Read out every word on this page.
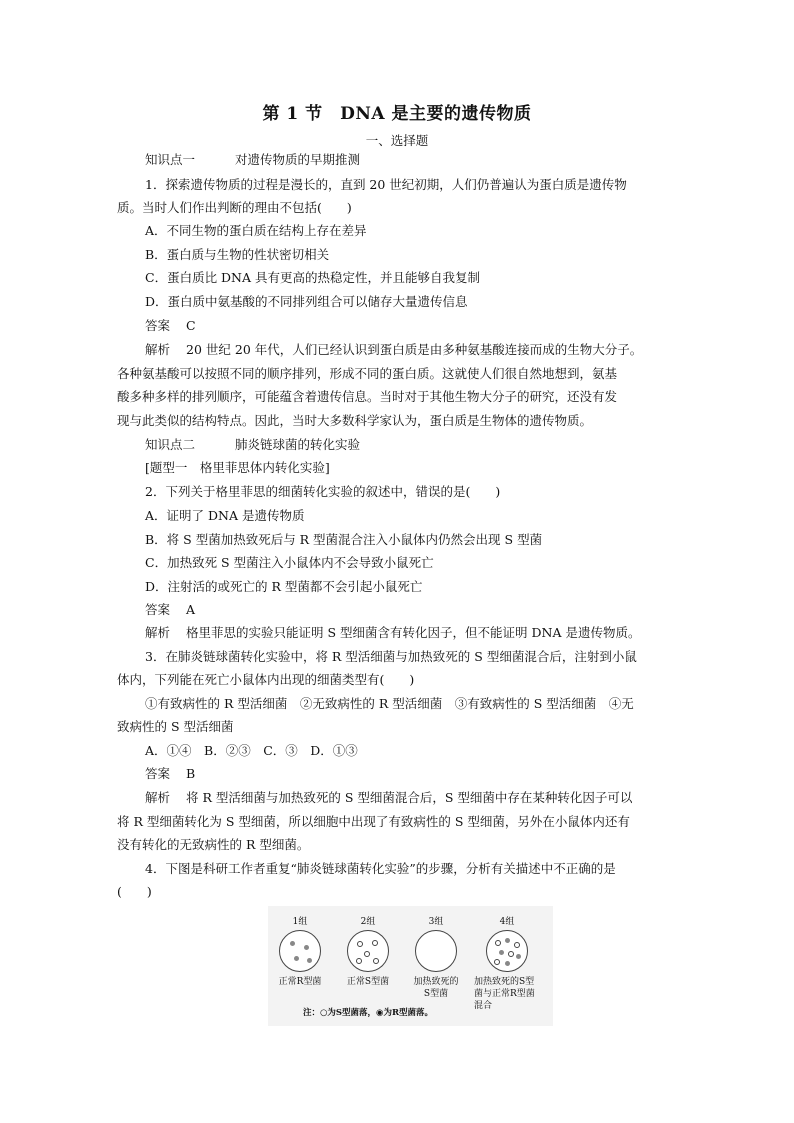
第 1 节　DNA 是主要的遗传物质
一、选择题
知识点一	对遗传物质的早期推测
1．探索遗传物质的过程是漫长的，直到 20 世纪初期，人们仍普遍认为蛋白质是遗传物
质。当时人们作出判断的理由不包括(　　)
A．不同生物的蛋白质在结构上存在差异
B．蛋白质与生物的性状密切相关
C．蛋白质比 DNA 具有更高的热稳定性，并且能够自我复制
D．蛋白质中氨基酸的不同排列组合可以储存大量遗传信息
答案 C
解析 20 世纪 20 年代，人们已经认识到蛋白质是由多种氨基酸连接而成的生物大分子。
各种氨基酸可以按照不同的顺序排列，形成不同的蛋白质。这就使人们很自然地想到，氨基
酸多种多样的排列顺序，可能蕴含着遗传信息。当时对于其他生物大分子的研究，还没有发
现与此类似的结构特点。因此，当时大多数科学家认为，蛋白质是生物体的遗传物质。
知识点二	肺炎链球菌的转化实验
[题型一　格里菲思体内转化实验]
2．下列关于格里菲思的细菌转化实验的叙述中，错误的是(　　)
A．证明了 DNA 是遗传物质
B．将 S 型菌加热致死后与 R 型菌混合注入小鼠体内仍然会出现 S 型菌
C．加热致死 S 型菌注入小鼠体内不会导致小鼠死亡
D．注射活的或死亡的 R 型菌都不会引起小鼠死亡
答案 A
解析 格里菲思的实验只能证明 S 型细菌含有转化因子，但不能证明 DNA 是遗传物质。
3．在肺炎链球菌转化实验中，将 R 型活细菌与加热致死的 S 型细菌混合后，注射到小鼠
体内，下列能在死亡小鼠体内出现的细菌类型有(　　)
①有致病性的 R 型活细菌　②无致病性的 R 型活细菌　③有致病性的 S 型活细菌　④无
致病性的 S 型活细菌
A．①④　B．②③　C．③　D．①③
答案 B
解析 将 R 型活细菌与加热致死的 S 型细菌混合后，S 型细菌中存在某种转化因子可以
将 R 型细菌转化为 S 型细菌，所以细胞中出现了有致病性的 S 型细菌，另外在小鼠体内还有
没有转化的无致病性的 R 型细菌。
4．下图是科研工作者重复“肺炎链球菌转化实验”的步骤，分析有关描述中不正确的是
(　　)
1组	2组	3组	4组
正常R型菌	正常S型菌	加热致死的
S型菌
加热致死的S型
菌与正常R型菌
混合
注：○为S型菌落，◉为R型菌落。
